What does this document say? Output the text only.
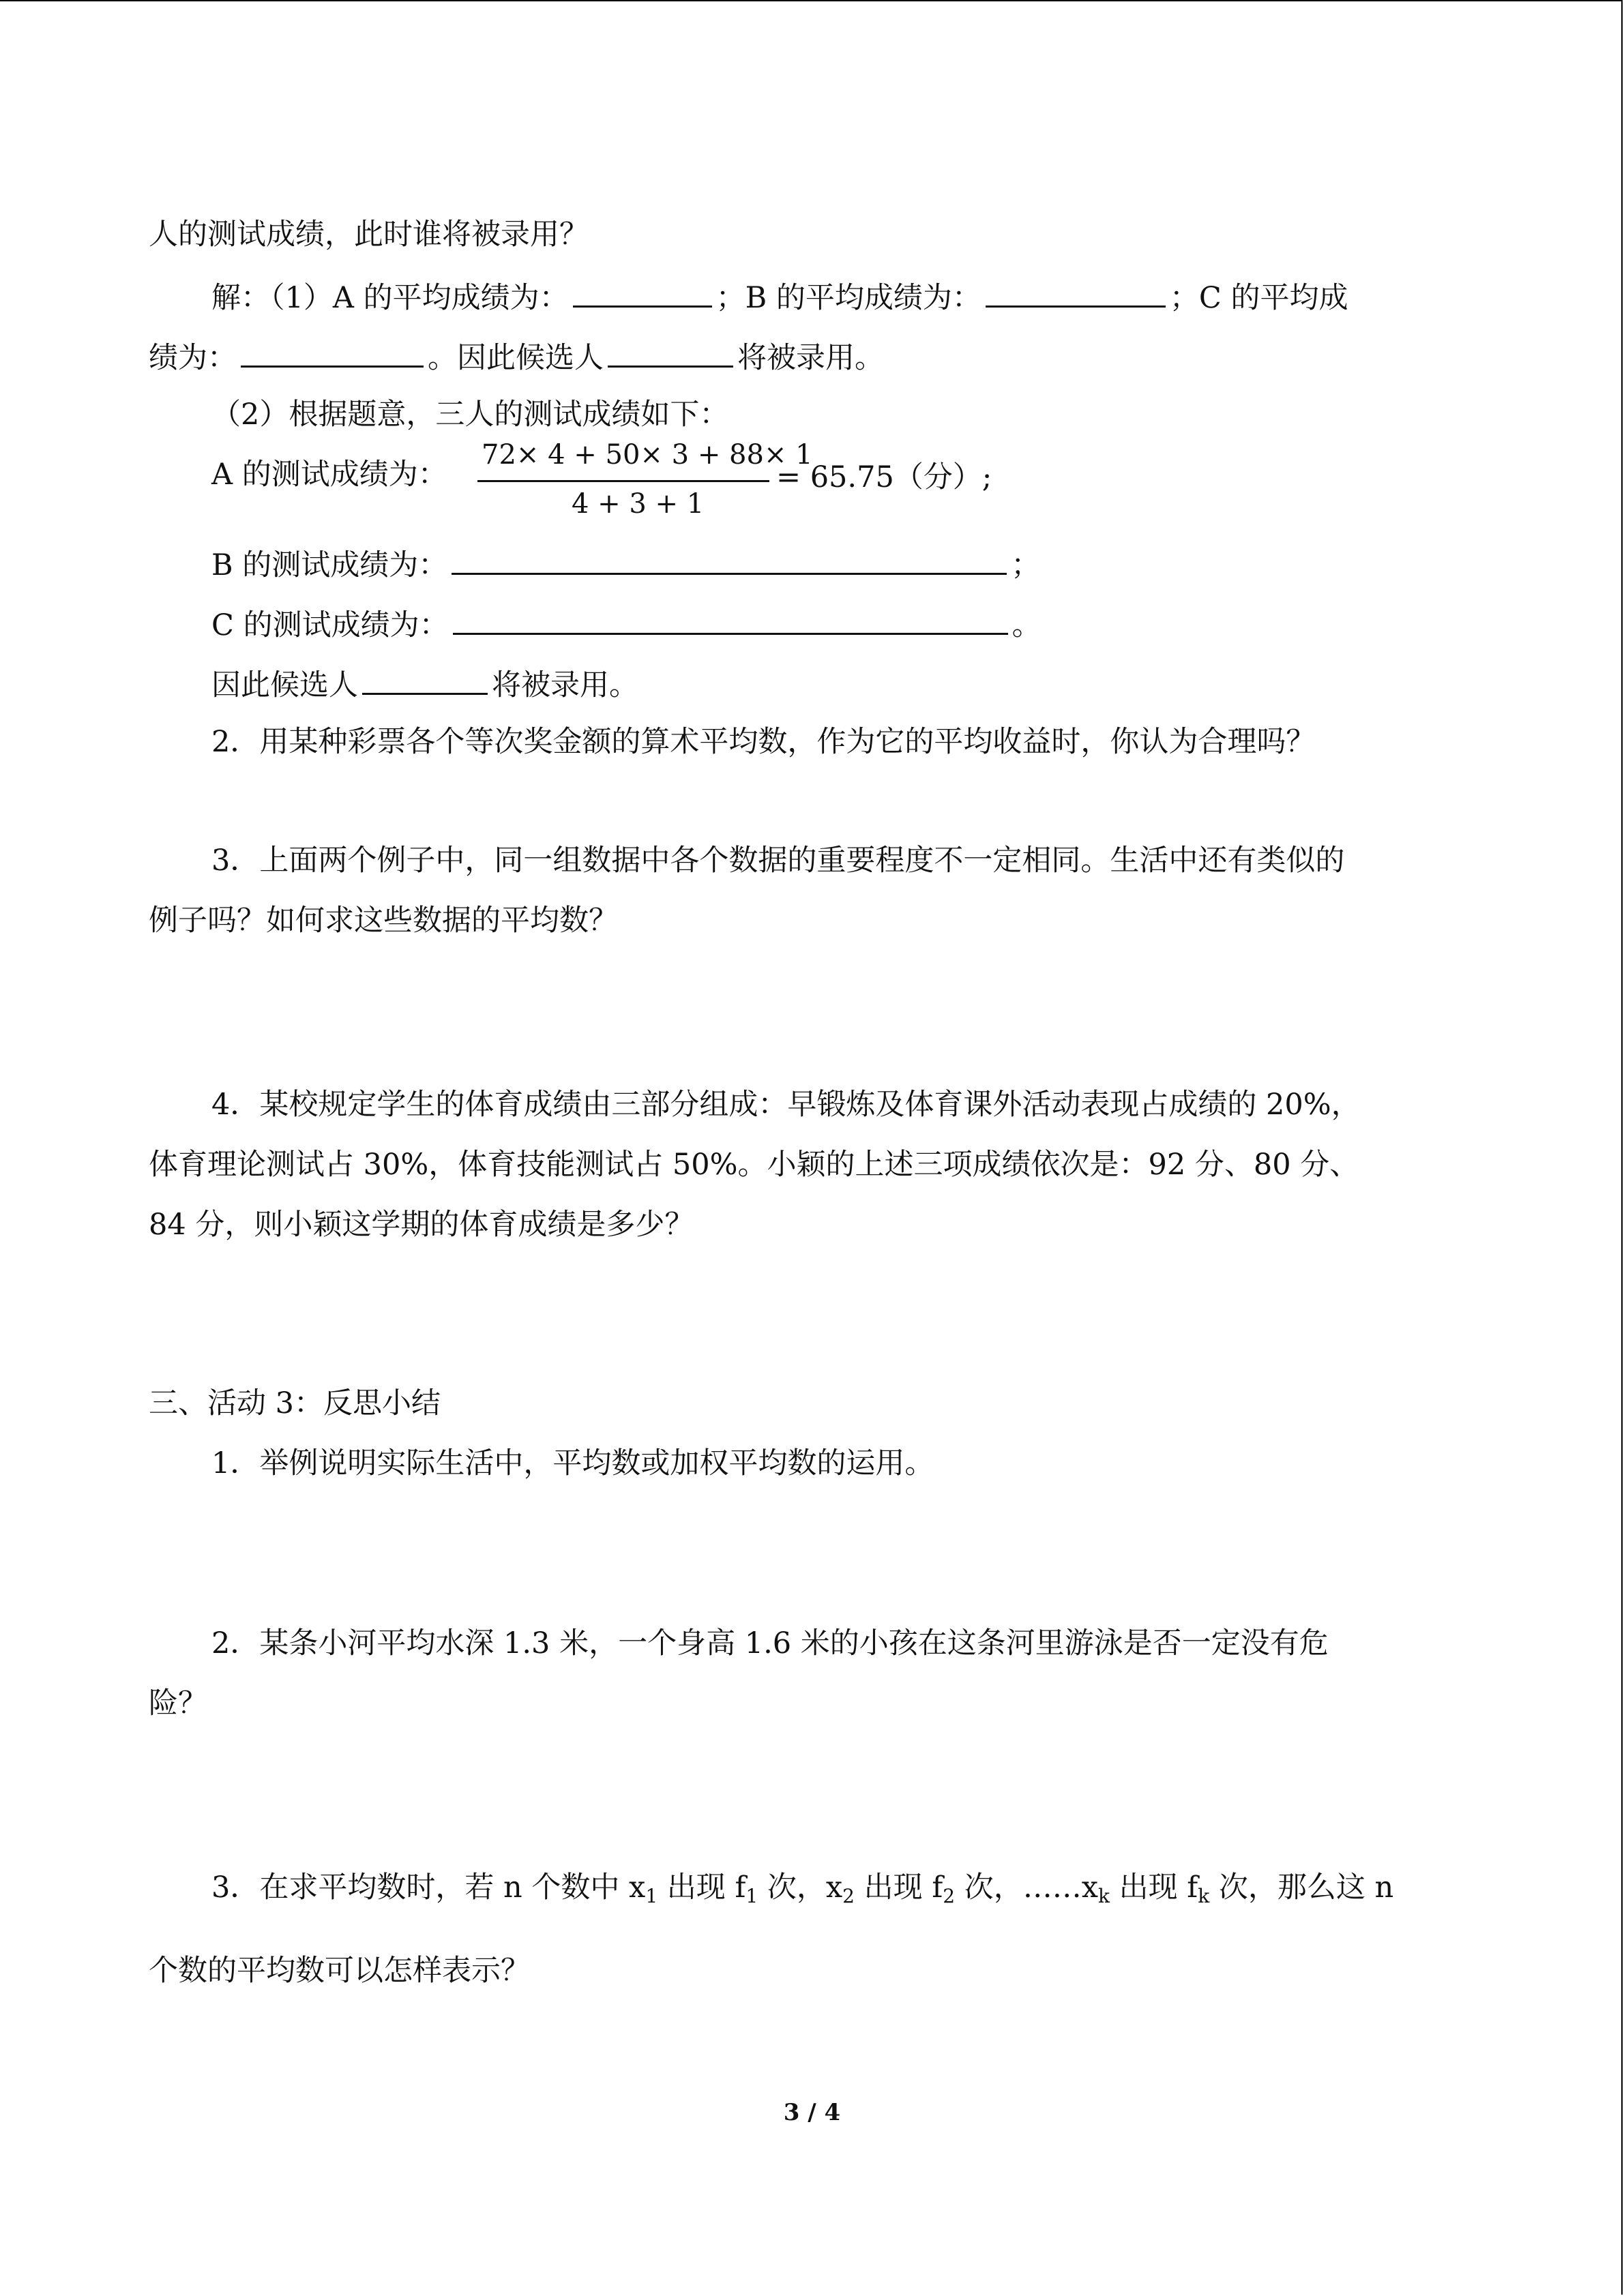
人的测试成绩，此时谁将被录用？
解：（1）A 的平均成绩为：	；B 的平均成绩为：	；C 的平均成
绩为：	。因此候选人	将被录用。
（2）根据题意，三人的测试成绩如下：
A 的测试成绩为：
72× 4 + 50× 3 + 88× 1
4 + 3 + 1
= 65.75（分）;
B 的测试成绩为：	；
C 的测试成绩为：	。
因此候选人	将被录用。
2．用某种彩票各个等次奖金额的算术平均数，作为它的平均收益时，你认为合理吗？
3．上面两个例子中，同一组数据中各个数据的重要程度不一定相同。生活中还有类似的
例子吗？如何求这些数据的平均数？
4．某校规定学生的体育成绩由三部分组成：早锻炼及体育课外活动表现占成绩的 20%，
体育理论测试占 30%，体育技能测试占 50%。小颖的上述三项成绩依次是：92 分、80 分、
84 分，则小颖这学期的体育成绩是多少？
三、活动 3：反思小结
1．举例说明实际生活中，平均数或加权平均数的运用。
2．某条小河平均水深 1.3 米，一个身高 1.6 米的小孩在这条河里游泳是否一定没有危
险？
3．在求平均数时，若 n 个数中 $x_1$ 出现 $f_1$ 次，$x_2$ 出现 $f_2$ 次，$\dots\dots x_k$ 出现 $f_k$ 次，那么这 n
个数的平均数可以怎样表示？
3 / 4
